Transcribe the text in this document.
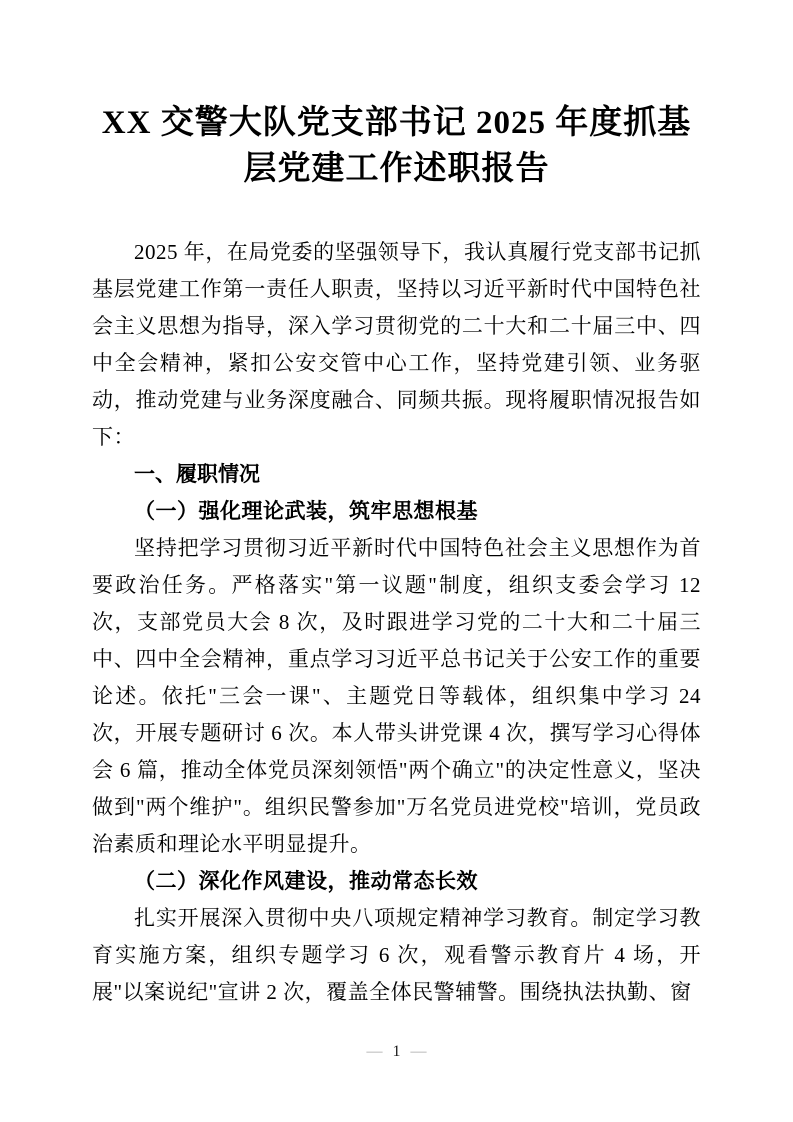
XX 交警大队党支部书记 2025 年度抓基层党建工作述职报告

2025 年，在局党委的坚强领导下，我认真履行党支部书记抓基层党建工作第一责任人职责，坚持以习近平新时代中国特色社会主义思想为指导，深入学习贯彻党的二十大和二十届三中、四中全会精神，紧扣公安交管中心工作，坚持党建引领、业务驱动，推动党建与业务深度融合、同频共振。现将履职情况报告如下：

一、履职情况
（一）强化理论武装，筑牢思想根基

坚持把学习贯彻习近平新时代中国特色社会主义思想作为首要政治任务。严格落实"第一议题"制度，组织支委会学习 12 次，支部党员大会 8 次，及时跟进学习党的二十大和二十届三中、四中全会精神，重点学习习近平总书记关于公安工作的重要论述。依托"三会一课"、主题党日等载体，组织集中学习 24 次，开展专题研讨 6 次。本人带头讲党课 4 次，撰写学习心得体会 6 篇，推动全体党员深刻领悟"两个确立"的决定性意义，坚决做到"两个维护"。组织民警参加"万名党员进党校"培训，党员政治素质和理论水平明显提升。

（二）深化作风建设，推动常态长效

扎实开展深入贯彻中央八项规定精神学习教育。制定学习教育实施方案，组织专题学习 6 次，观看警示教育片 4 场，开展"以案说纪"宣讲 2 次，覆盖全体民警辅警。围绕执法执勤、窗

— 1 —
